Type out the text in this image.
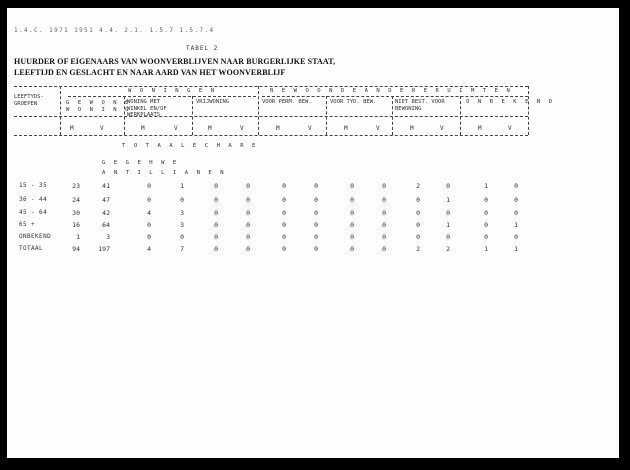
1.4.C. 1971 1951 4.4. 2.1. 1.5.7 1.5.7.4
TABEL 2
HUURDER OF EIGENAARS VAN WOONVERBLIJVEN NAAR BURGERLIJKE STAAT,
LEEFTIJD EN GESLACHT EN NAAR AARD VAN HET WOONVERBLIJF
LEEFTYDS-
GROEPEN
W O N I N G E N	B E W O O N D E A N D E R E R U I M T E N
G E W O N E
W O N I N G
WONING MET
WINKEL EN/OF
WERKPLAATS
VRIJWONING	VOOR PERM. BEW.	VOOR TYD. BEW.	NIET BEST. VOOR
BEWONING
O N B E K E N D
M	V	M	V	M	V	M	V	M	V	M	V	M	V
T O T A A L E C H A R E
G E G E H W E
A N T I L L I A N E N
15 - 35	23	41	0	1	0	0	0	0	0	0	2	0	1	0
36 - 44	24	47	0	0	0	0	0	0	0	0	0	1	0	0
45 - 64	30	42	4	3	0	0	0	0	0	0	0	0	0	0
65 +	16	64	0	3	0	0	0	0	0	0	0	1	0	1
ONBEKEND	1	3	0	0	0	0	0	0	0	0	0	0	0	0
TOTAAL	94	197	4	7	0	0	0	0	0	0	2	2	1	1
